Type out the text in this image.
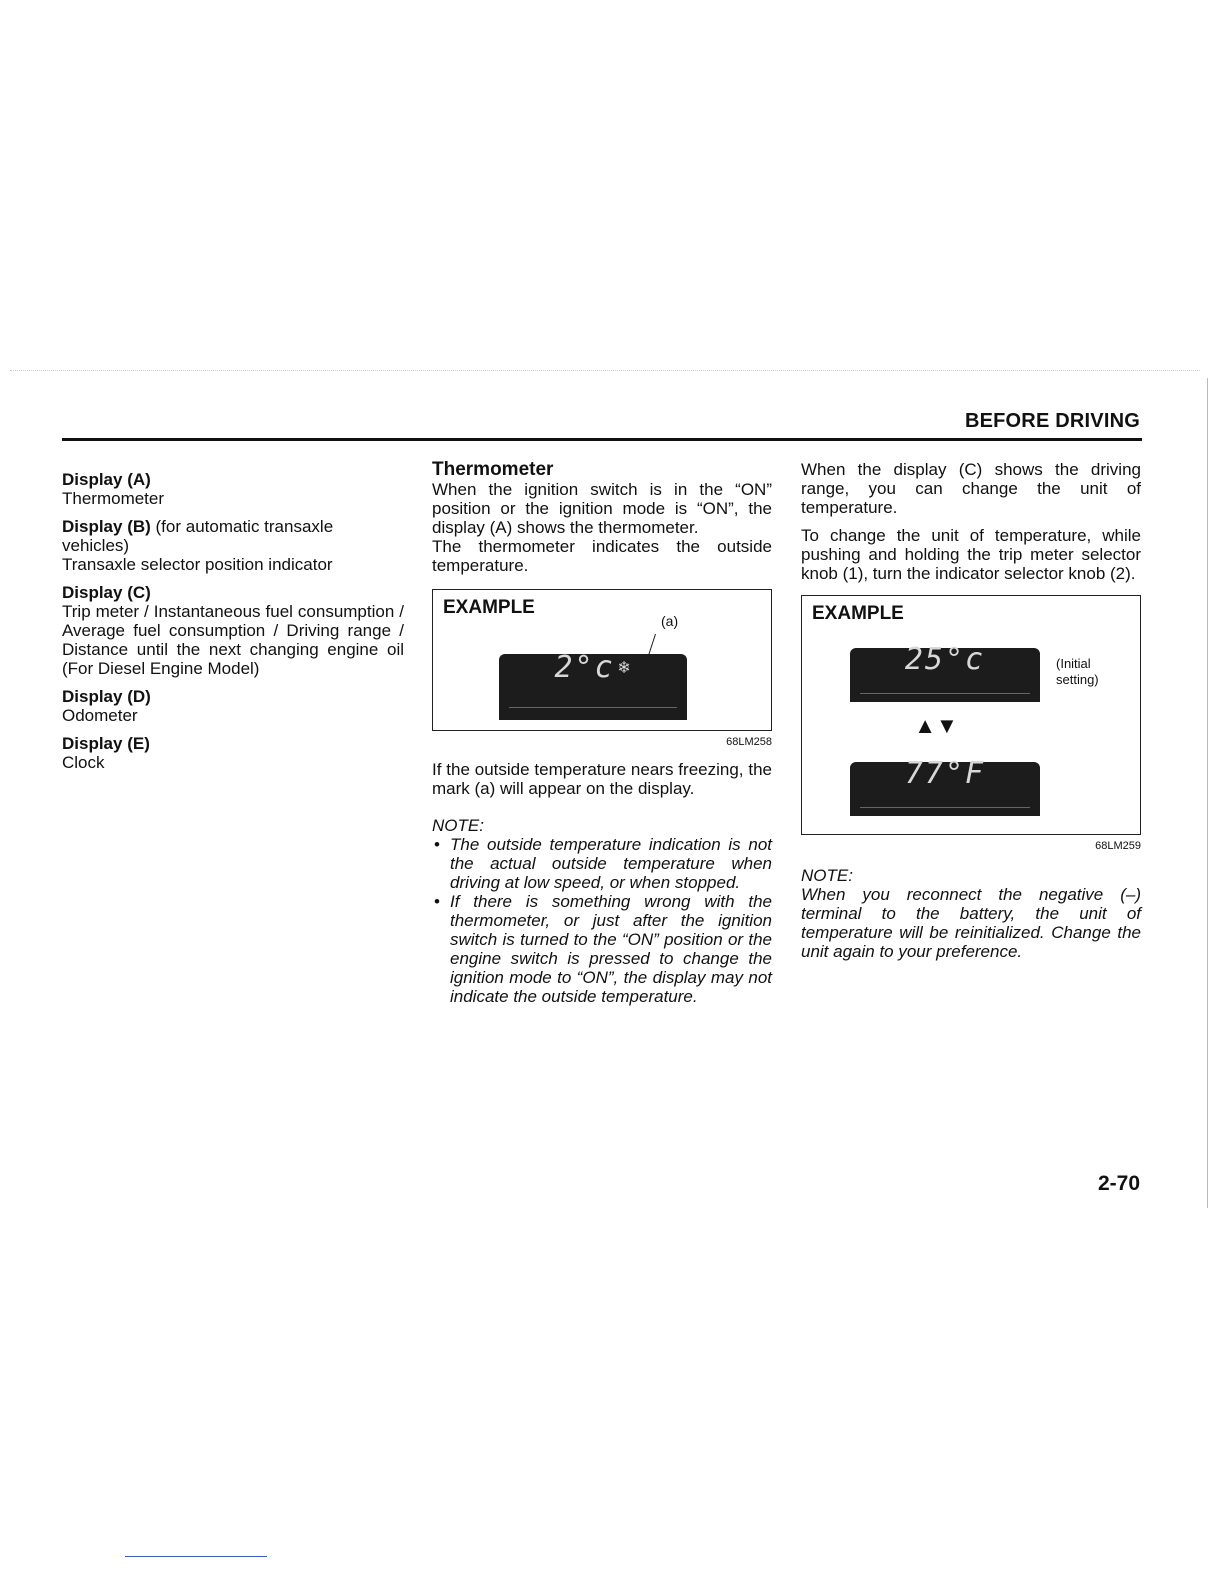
BEFORE DRIVING

Display (A)

Thermometer

Display (B) (for automatic transaxle vehicles)

Transaxle selector position indicator

Display (C)

Trip meter / Instantaneous fuel consumption / Average fuel consumption / Driving range / Distance until the next changing engine oil (For Diesel Engine Model)

Display (D)

Odometer

Display (E)

Clock

Thermometer

When the ignition switch is in the “ON” position or the ignition mode is “ON”, the display (A) shows the thermometer.

The thermometer indicates the outside temperature.

EXAMPLE
(a)
2°c ❄

68LM258

If the outside temperature nears freezing, the mark (a) will appear on the display.

NOTE:

• The outside temperature indication is not the actual outside temperature when driving at low speed, or when stopped.
• If there is something wrong with the thermometer, or just after the ignition switch is turned to the “ON” position or the engine switch is pressed to change the ignition mode to “ON”, the display may not indicate the outside temperature.

When the display (C) shows the driving range, you can change the unit of temperature.

To change the unit of temperature, while pushing and holding the trip meter selector knob (1), turn the indicator selector knob (2).

EXAMPLE
25°c	(Initial setting)
▲▼
77°F

68LM259

NOTE:

When you reconnect the negative (–) terminal to the battery, the unit of temperature will be reinitialized. Change the unit again to your preference.

2-70
